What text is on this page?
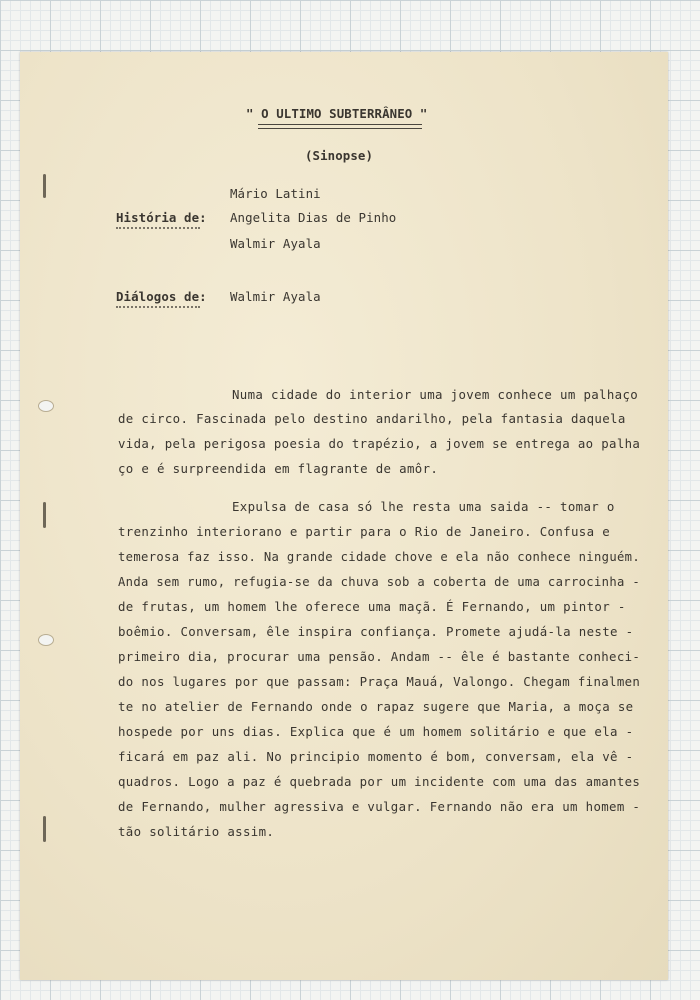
" O ULTIMO SUBTERRÂNEO "
(Sinopse)
Mário Latini
História de: Angelita Dias de Pinho
Walmir Ayala
Diálogos de: Walmir Ayala
Numa cidade do interior uma jovem conhece um palhaço
de circo. Fascinada pelo destino andarilho, pela fantasia daquela
vida, pela perigosa poesia do trapézio, a jovem se entrega ao palha
ço e é surpreendida em flagrante de amôr.
Expulsa de casa só lhe resta uma saida -- tomar o
trenzinho interiorano e partir para o Rio de Janeiro. Confusa e
temerosa faz isso. Na grande cidade chove e ela não conhece ninguém.
Anda sem rumo, refugia-se da chuva sob a coberta de uma carrocinha -
de frutas, um homem lhe oferece uma maçã. É Fernando, um pintor -
boêmio. Conversam, êle inspira confiança. Promete ajudá-la neste -
primeiro dia, procurar uma pensão. Andam -- êle é bastante conheci-
do nos lugares por que passam: Praça Mauá, Valongo. Chegam finalmen
te no atelier de Fernando onde o rapaz sugere que Maria, a moça se
hospede por uns dias. Explica que é um homem solitário e que ela -
ficará em paz ali. No principio momento é bom, conversam, ela vê -
quadros. Logo a paz é quebrada por um incidente com uma das amantes
de Fernando, mulher agressiva e vulgar. Fernando não era um homem -
tão solitário assim.
